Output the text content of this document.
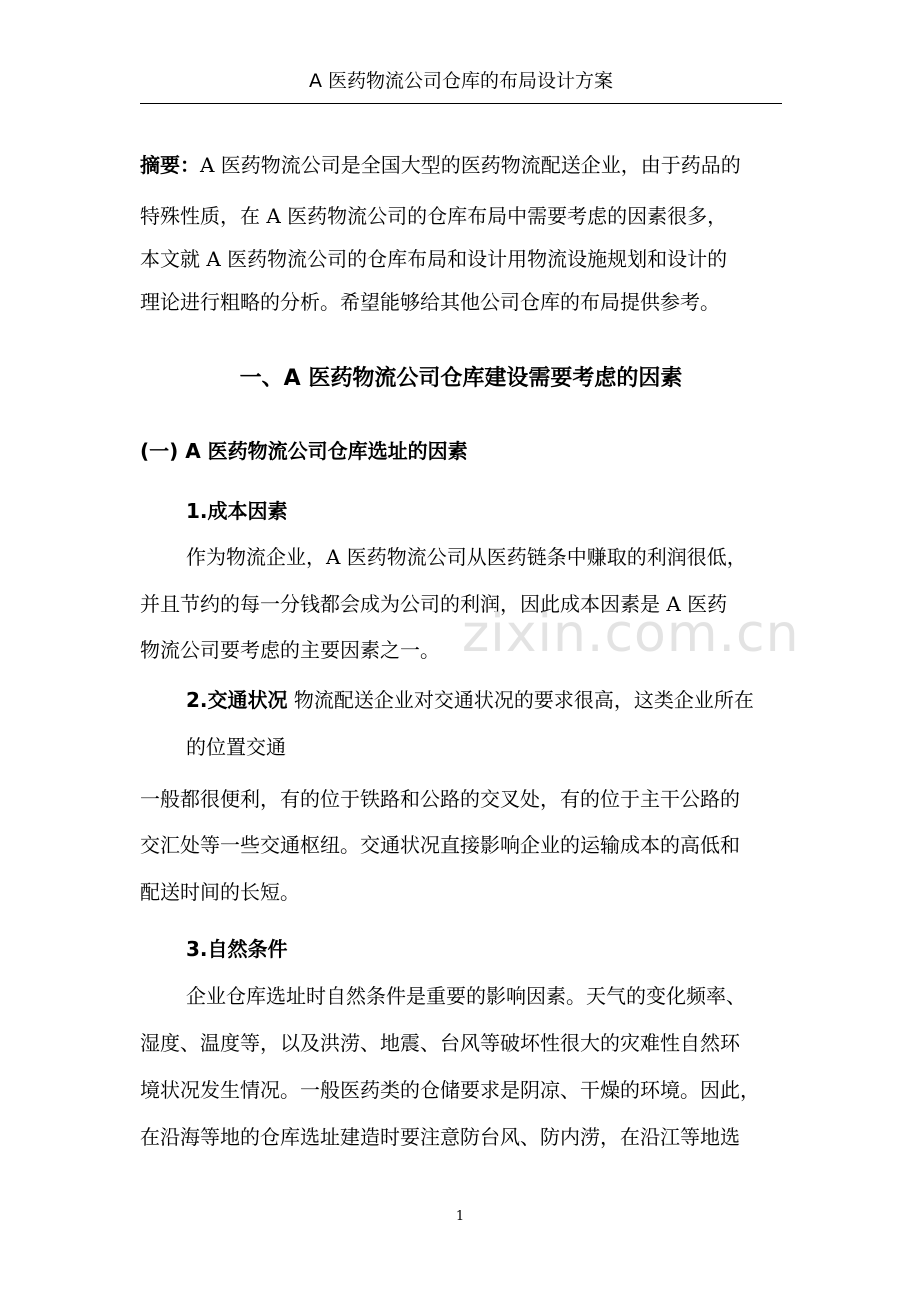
A 医药物流公司仓库的布局设计方案
摘要：A 医药物流公司是全国大型的医药物流配送企业，由于药品的
特殊性质，在 A 医药物流公司的仓库布局中需要考虑的因素很多，
本文就 A 医药物流公司的仓库布局和设计用物流设施规划和设计的
理论进行粗略的分析。希望能够给其他公司仓库的布局提供参考。
一、A 医药物流公司仓库建设需要考虑的因素
(一) A 医药物流公司仓库选址的因素
1.成本因素
作为物流企业，A 医药物流公司从医药链条中赚取的利润很低，
并且节约的每一分钱都会成为公司的利润，因此成本因素是 A 医药
物流公司要考虑的主要因素之一。
2.交通状况 物流配送企业对交通状况的要求很高，这类企业所在
的位置交通
一般都很便利，有的位于铁路和公路的交叉处，有的位于主干公路的
交汇处等一些交通枢纽。交通状况直接影响企业的运输成本的高低和
配送时间的长短。
3.自然条件
企业仓库选址时自然条件是重要的影响因素。天气的变化频率、
湿度、温度等，以及洪涝、地震、台风等破坏性很大的灾难性自然环
境状况发生情况。一般医药类的仓储要求是阴凉、干燥的环境。因此，
在沿海等地的仓库选址建造时要注意防台风、防内涝，在沿江等地选
zixin.com.cn
1
